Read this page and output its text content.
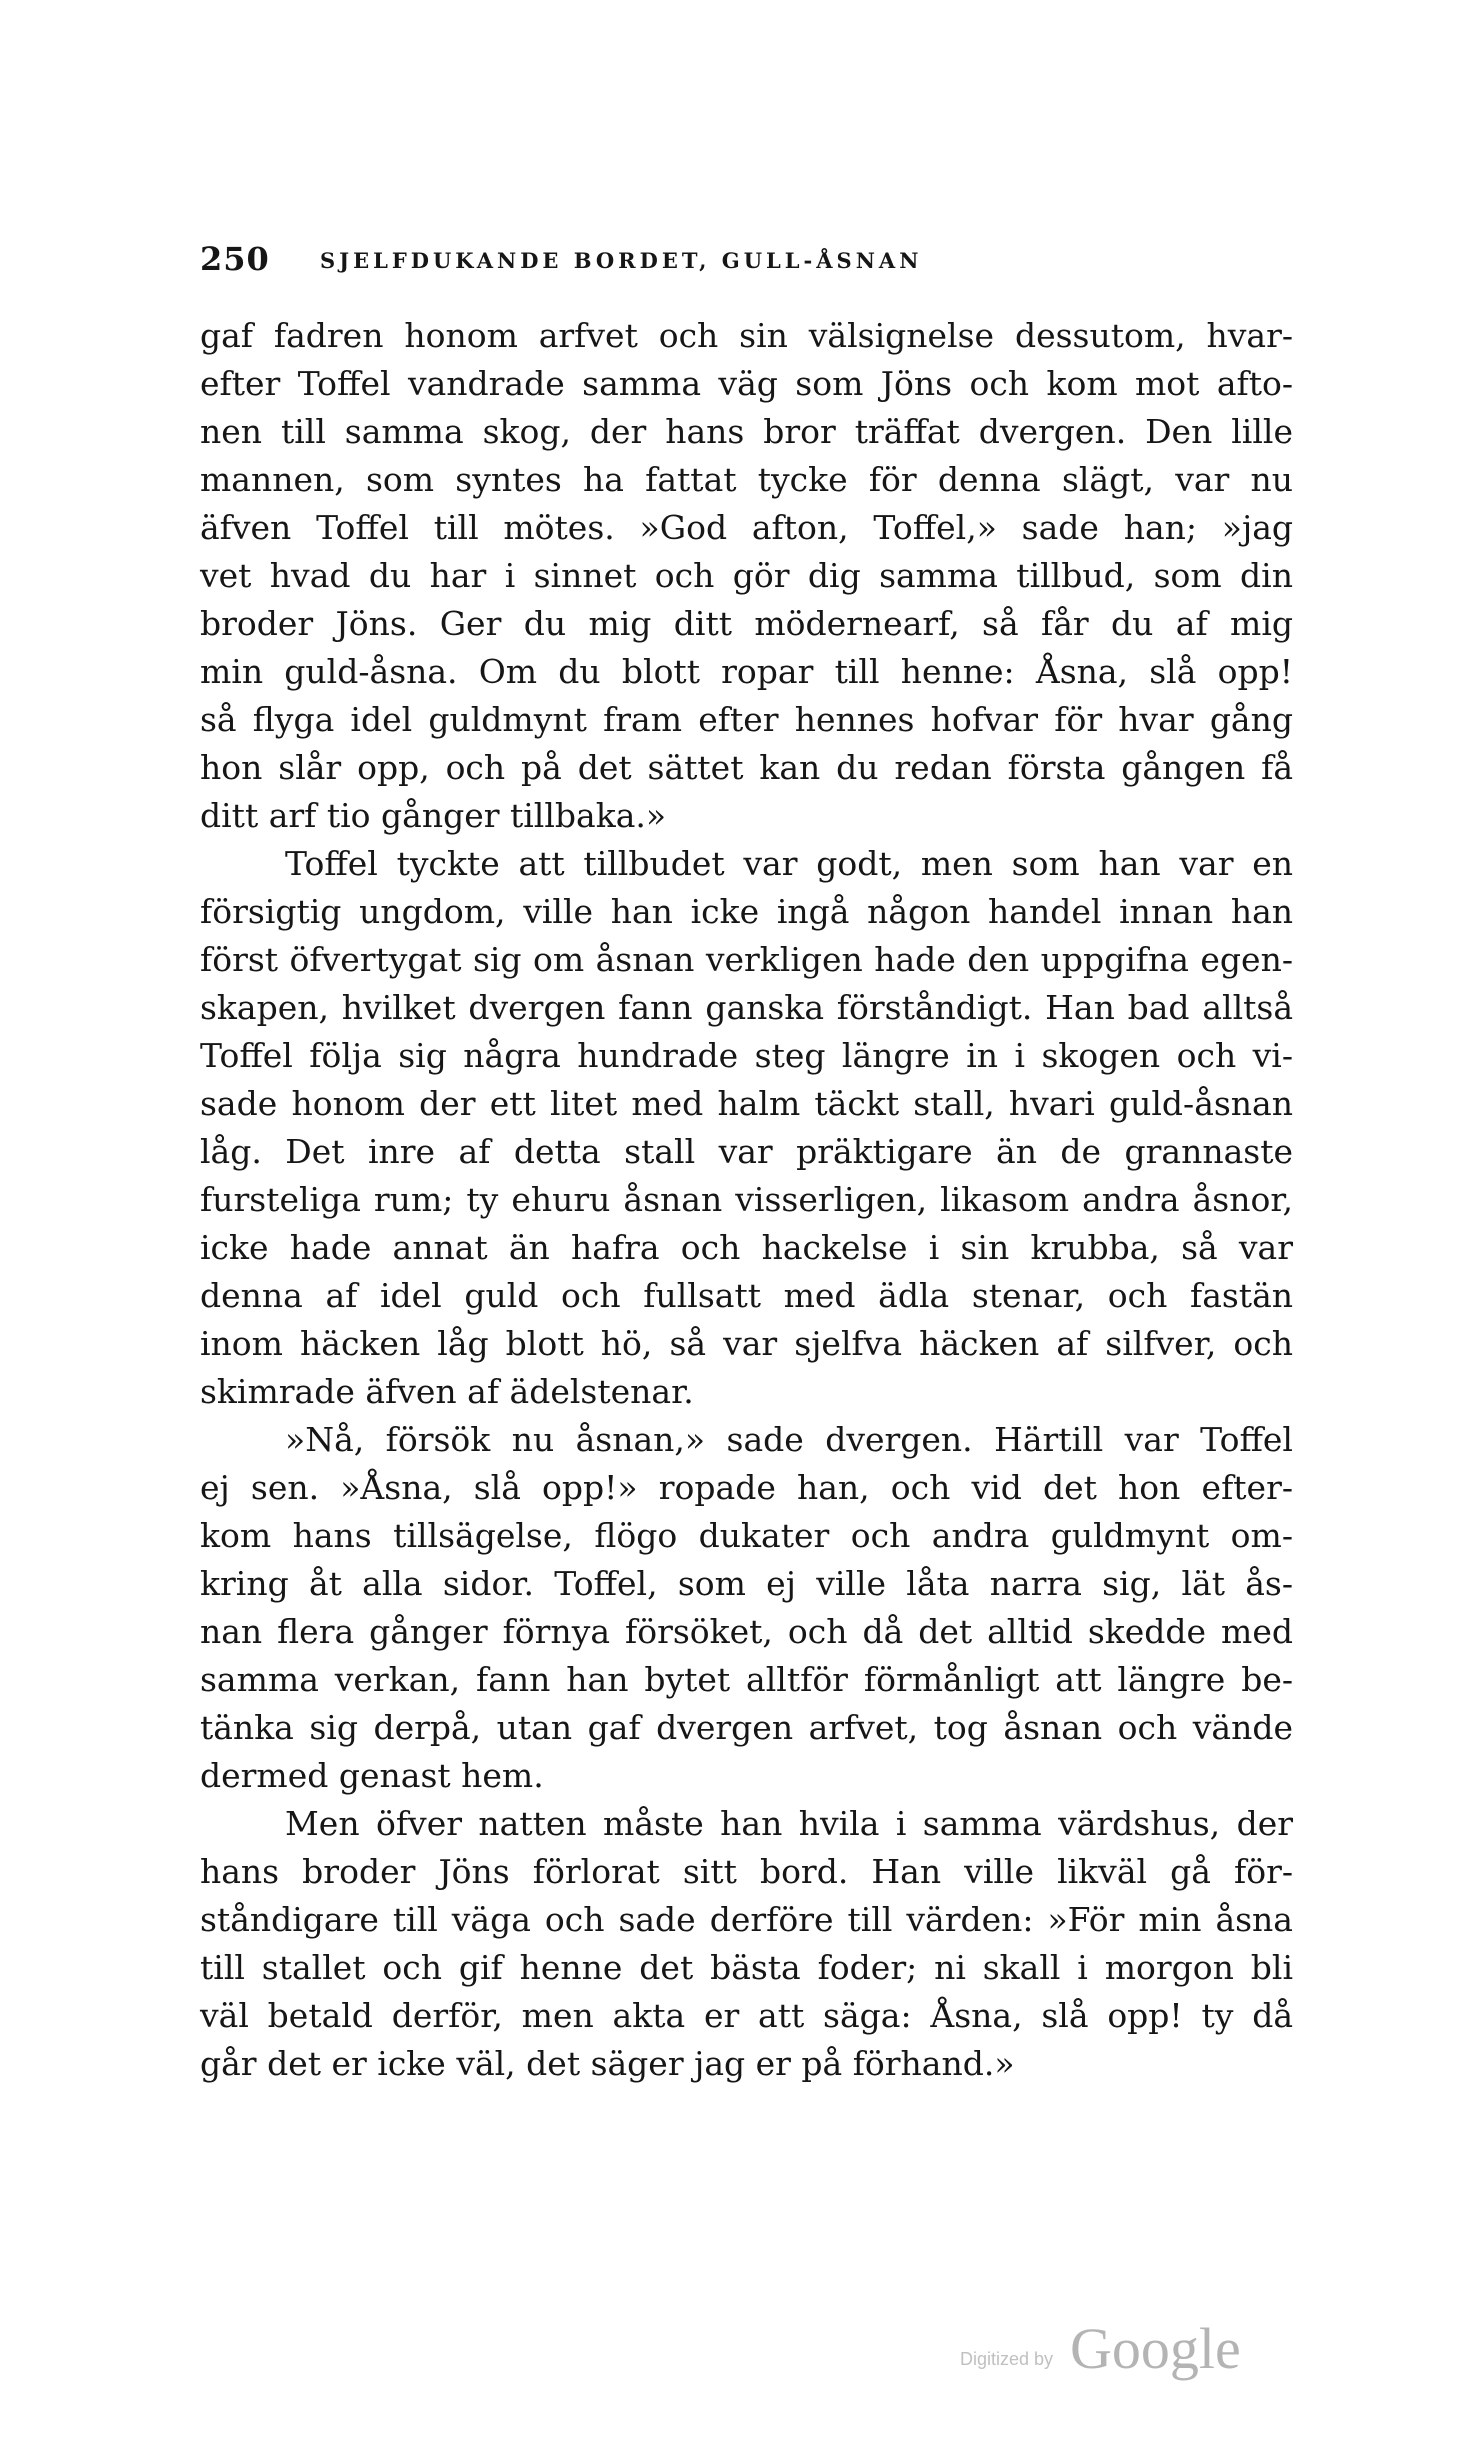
250 SJELFDUKANDE BORDET, GULL-ÅSNAN
gaf fadren honom arfvet och sin välsignelse dessutom, hvar-
efter Toffel vandrade samma väg som Jöns och kom mot afto-
nen till samma skog, der hans bror träffat dvergen. Den lille
mannen, som syntes ha fattat tycke för denna slägt, var nu
äfven Toffel till mötes. »God afton, Toffel,» sade han; »jag
vet hvad du har i sinnet och gör dig samma tillbud, som din
broder Jöns. Ger du mig ditt mödernearf, så får du af mig
min guld-åsna. Om du blott ropar till henne: Åsna, slå opp!
så flyga idel guldmynt fram efter hennes hofvar för hvar gång
hon slår opp, och på det sättet kan du redan första gången få
ditt arf tio gånger tillbaka.»
Toffel tyckte att tillbudet var godt, men som han var en
försigtig ungdom, ville han icke ingå någon handel innan han
först öfvertygat sig om åsnan verkligen hade den uppgifna egen-
skapen, hvilket dvergen fann ganska förståndigt. Han bad alltså
Toffel följa sig några hundrade steg längre in i skogen och vi-
sade honom der ett litet med halm täckt stall, hvari guld-åsnan
låg. Det inre af detta stall var präktigare än de grannaste
fursteliga rum; ty ehuru åsnan visserligen, likasom andra åsnor,
icke hade annat än hafra och hackelse i sin krubba, så var
denna af idel guld och fullsatt med ädla stenar, och fastän
inom häcken låg blott hö, så var sjelfva häcken af silfver, och
skimrade äfven af ädelstenar.
»Nå, försök nu åsnan,» sade dvergen. Härtill var Toffel
ej sen. »Åsna, slå opp!» ropade han, och vid det hon efter-
kom hans tillsägelse, flögo dukater och andra guldmynt om-
kring åt alla sidor. Toffel, som ej ville låta narra sig, lät ås-
nan flera gånger förnya försöket, och då det alltid skedde med
samma verkan, fann han bytet alltför förmånligt att längre be-
tänka sig derpå, utan gaf dvergen arfvet, tog åsnan och vände
dermed genast hem.
Men öfver natten måste han hvila i samma värdshus, der
hans broder Jöns förlorat sitt bord. Han ville likväl gå för-
ståndigare till väga och sade derföre till värden: »För min åsna
till stallet och gif henne det bästa foder; ni skall i morgon bli
väl betald derför, men akta er att säga: Åsna, slå opp! ty då
går det er icke väl, det säger jag er på förhand.»
Digitized by Google
